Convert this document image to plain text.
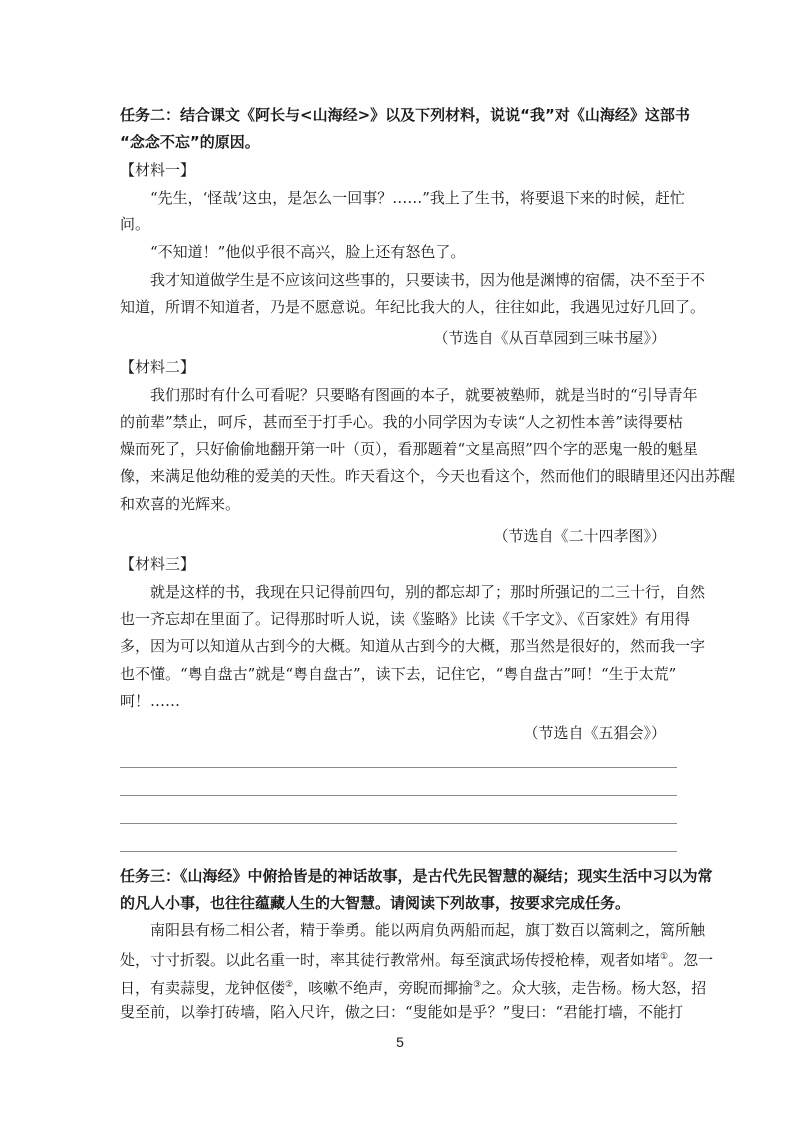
任务二：结合课文《阿长与<山海经>》以及下列材料，说说“我”对《山海经》这部书
“念念不忘”的原因。
【材料一】
“先生，‘怪哉’这虫，是怎么一回事？……”我上了生书，将要退下来的时候，赶忙
问。
“不知道！”他似乎很不高兴，脸上还有怒色了。
我才知道做学生是不应该问这些事的，只要读书，因为他是渊博的宿儒，决不至于不
知道，所谓不知道者，乃是不愿意说。年纪比我大的人，往往如此，我遇见过好几回了。
（节选自《从百草园到三味书屋》）
【材料二】
我们那时有什么可看呢？只要略有图画的本子，就要被塾师，就是当时的“引导青年
的前辈”禁止，呵斥，甚而至于打手心。我的小同学因为专读“人之初性本善”读得要枯
燥而死了，只好偷偷地翻开第一叶（页），看那题着“文星高照”四个字的恶鬼一般的魁星
像，来满足他幼稚的爱美的天性。昨天看这个，今天也看这个，然而他们的眼睛里还闪出苏醒
和欢喜的光辉来。
（节选自《二十四孝图》）
【材料三】
就是这样的书，我现在只记得前四句，别的都忘却了；那时所强记的二三十行，自然
也一齐忘却在里面了。记得那时听人说，读《鉴略》比读《千字文》、《百家姓》有用得
多，因为可以知道从古到今的大概。知道从古到今的大概，那当然是很好的，然而我一字
也不懂。“粤自盘古”就是“粤自盘古”，读下去，记住它，“粤自盘古”呵！“生于太荒”
呵！……
（节选自《五猖会》）
任务三：《山海经》中俯拾皆是的神话故事，是古代先民智慧的凝结；现实生活中习以为常
的凡人小事，也往往蕴藏人生的大智慧。请阅读下列故事，按要求完成任务。
南阳县有杨二相公者，精于拳勇。能以两肩负两船而起，旗丁数百以篙刺之，篙所触
处，寸寸折裂。以此名重一时，率其徒行教常州。每至演武场传授枪棒，观者如堵①。忽一
日，有卖蒜叟，龙钟伛偻②，咳嗽不绝声，旁睨而揶揄③之。众大骇，走告杨。杨大怒，招
叟至前，以拳打砖墙，陷入尺许，傲之曰：“叟能如是乎？”叟曰：“君能打墙，不能打
5
